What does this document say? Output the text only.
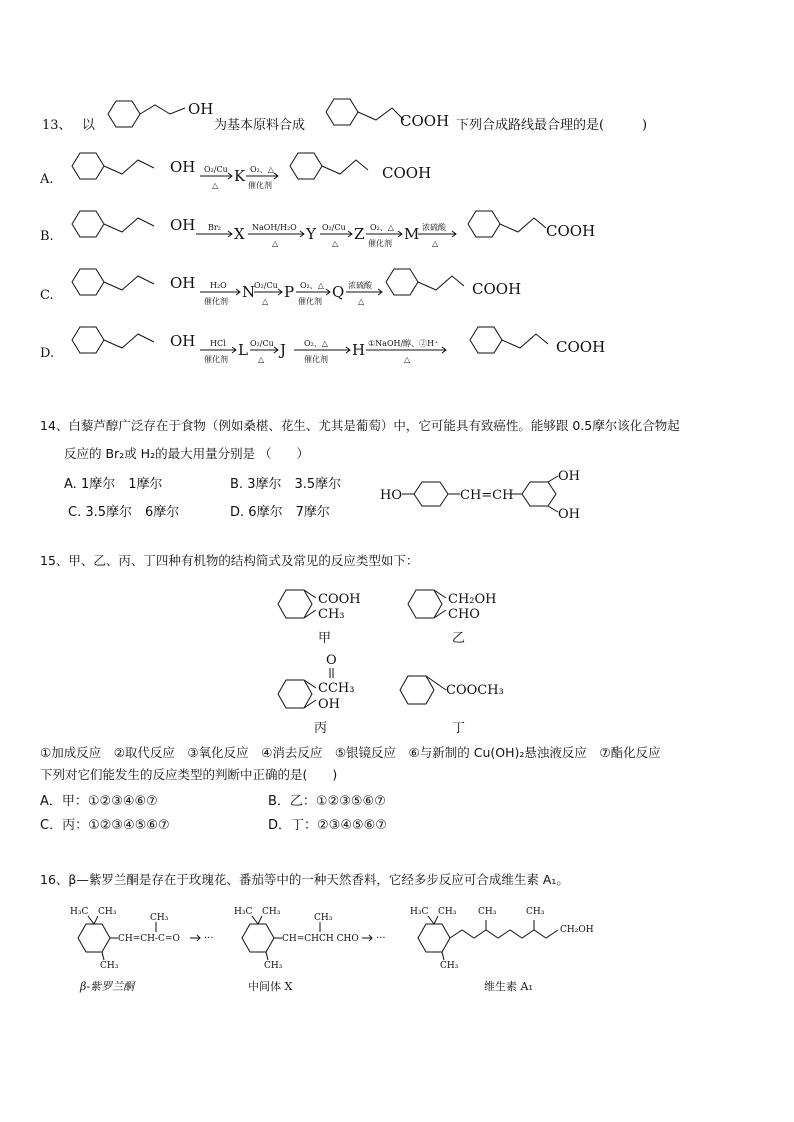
13、 以
OH
为基本原料合成	COOH 下列合成路线最合理的是(	)
A.
OH O₂/Cu
△
K O₂、△
催化剂
COOH
B.
OH Br₂ X NaOH/H₂O
△
Y O₂/Cu
△
Z O₂、△
催化剂
M 浓硫酸
△
COOH
C.
OH H₂O
催化剂
N
O₂/Cu
△
P O₂、△
催化剂
Q 浓硫酸
△
COOH
D.
OH HCl
催化剂
L O₂/Cu
△
J O₂、△
催化剂
H ①NaOH/醇、②H⁺
△
COOH
14、白藜芦醇广泛存在于食物（例如桑椹、花生、尤其是葡萄）中，它可能具有致癌性。能够跟 0.5摩尔该化合物起
反应的 Br₂或 H₂的最大用量分别是 （　　）
A. 1摩尔　1摩尔	B. 3摩尔　3.5摩尔
C. 3.5摩尔　6摩尔	D. 6摩尔　7摩尔
HO	CH=CH
OH
OH
15、甲、乙、丙、丁四种有机物的结构简式及常见的反应类型如下：
COOH
CH₃
甲
CH₂OH
CHO
乙
O
CCH₃
OH
丙
COOCH₃
丁
①加成反应　②取代反应　③氧化反应　④消去反应　⑤银镜反应　⑥与新制的 Cu(OH)₂悬浊液反应　⑦酯化反应
下列对它们能发生的反应类型的判断中正确的是(　　)
A．甲：①②③④⑥⑦	B．乙：①②③⑤⑥⑦
C．丙：①②③④⑤⑥⑦	D．丁：②③④⑤⑥⑦
16、β—紫罗兰酮是存在于玫瑰花、番茄等中的一种天然香料，它经多步反应可合成维生素 A₁。
H₃C CH₃
CH₃
CH=CH-C=O
CH₃
β-紫罗兰酮
···
H₃C CH₃
CH₃
CH=CHCH CHO
CH₃
中间体 X
···
H₃C CH₃
CH₃
CH₃	CH₃
CH₂OH
维生素 A₁
